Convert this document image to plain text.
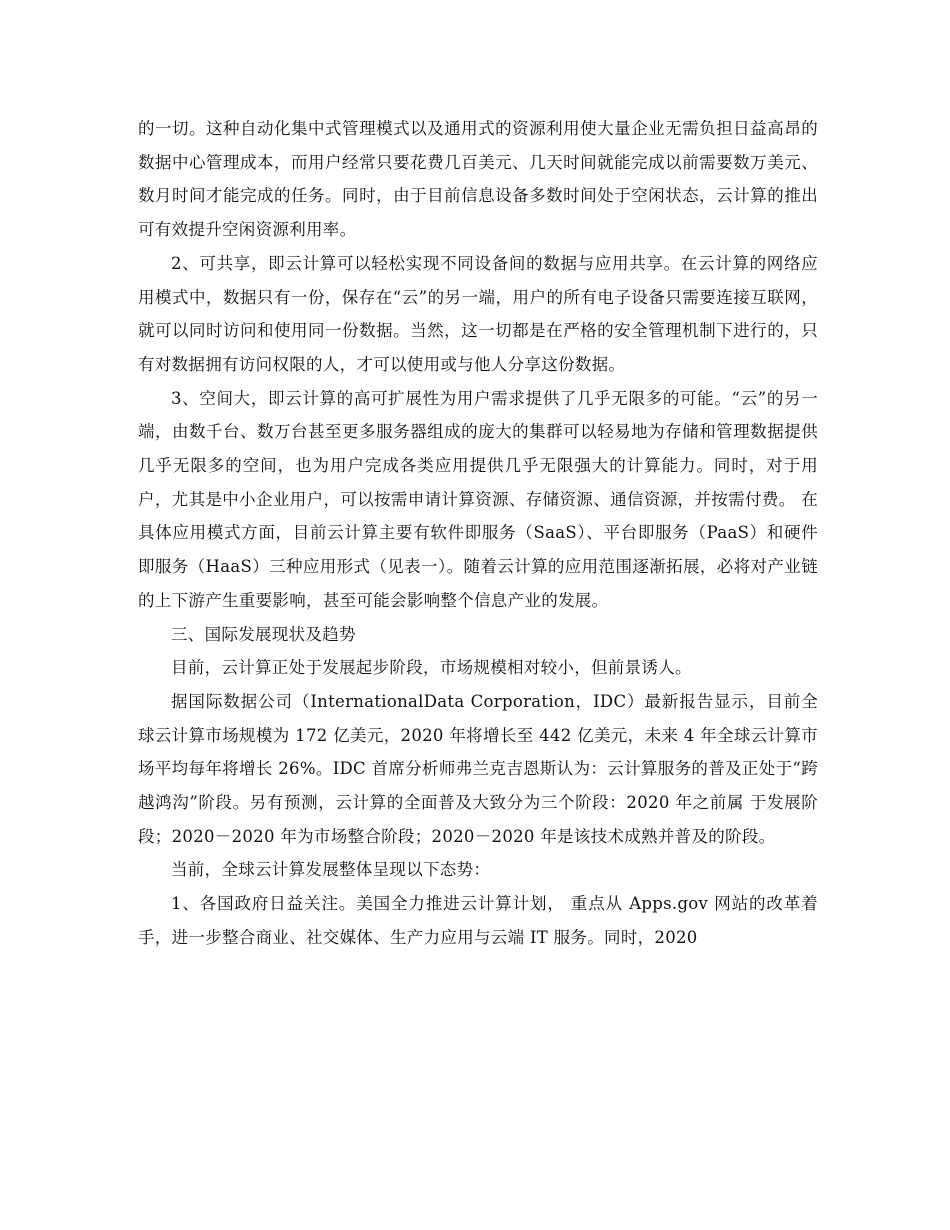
的一切。这种自动化集中式管理模式以及通用式的资源利用使大量企业无需负担日益高昂的数据中心管理成本，而用户经常只要花费几百美元、几天时间就能完成以前需要数万美元、数月时间才能完成的任务。同时，由于目前信息设备多数时间处于空闲状态，云计算的推出可有效提升空闲资源利用率。

2、可共享，即云计算可以轻松实现不同设备间的数据与应用共享。在云计算的网络应用模式中，数据只有一份，保存在“云”的另一端，用户的所有电子设备只需要连接互联网，就可以同时访问和使用同一份数据。当然，这一切都是在严格的安全管理机制下进行的，只有对数据拥有访问权限的人，才可以使用或与他人分享这份数据。

3、空间大，即云计算的高可扩展性为用户需求提供了几乎无限多的可能。“云”的另一端，由数千台、数万台甚至更多服务器组成的庞大的集群可以轻易地为存储和管理数据提供几乎无限多的空间，也为用户完成各类应用提供几乎无限强大的计算能力。同时，对于用户，尤其是中小企业用户，可以按需申请计算资源、存储资源、通信资源，并按需付费。 在具体应用模式方面，目前云计算主要有软件即服务（SaaS）、平台即服务（PaaS）和硬件即服务（HaaS）三种应用形式（见表一）。随着云计算的应用范围逐渐拓展，必将对产业链的上下游产生重要影响，甚至可能会影响整个信息产业的发展。

三、国际发展现状及趋势

目前，云计算正处于发展起步阶段，市场规模相对较小，但前景诱人。

据国际数据公司（InternationalData Corporation，IDC）最新报告显示，目前全球云计算市场规模为 172 亿美元，2020 年将增长至 442 亿美元，未来 4 年全球云计算市场平均每年将增长 26%。IDC 首席分析师弗兰克吉恩斯认为：云计算服务的普及正处于“跨越鸿沟”阶段。另有预测，云计算的全面普及大致分为三个阶段：2020 年之前属 于发展阶段；2020－2020 年为市场整合阶段；2020－2020 年是该技术成熟并普及的阶段。

当前，全球云计算发展整体呈现以下态势：

1、各国政府日益关注。美国全力推进云计算计划， 重点从 Apps.gov 网站的改革着手，进一步整合商业、社交媒体、生产力应用与云端 IT 服务。同时，2020
